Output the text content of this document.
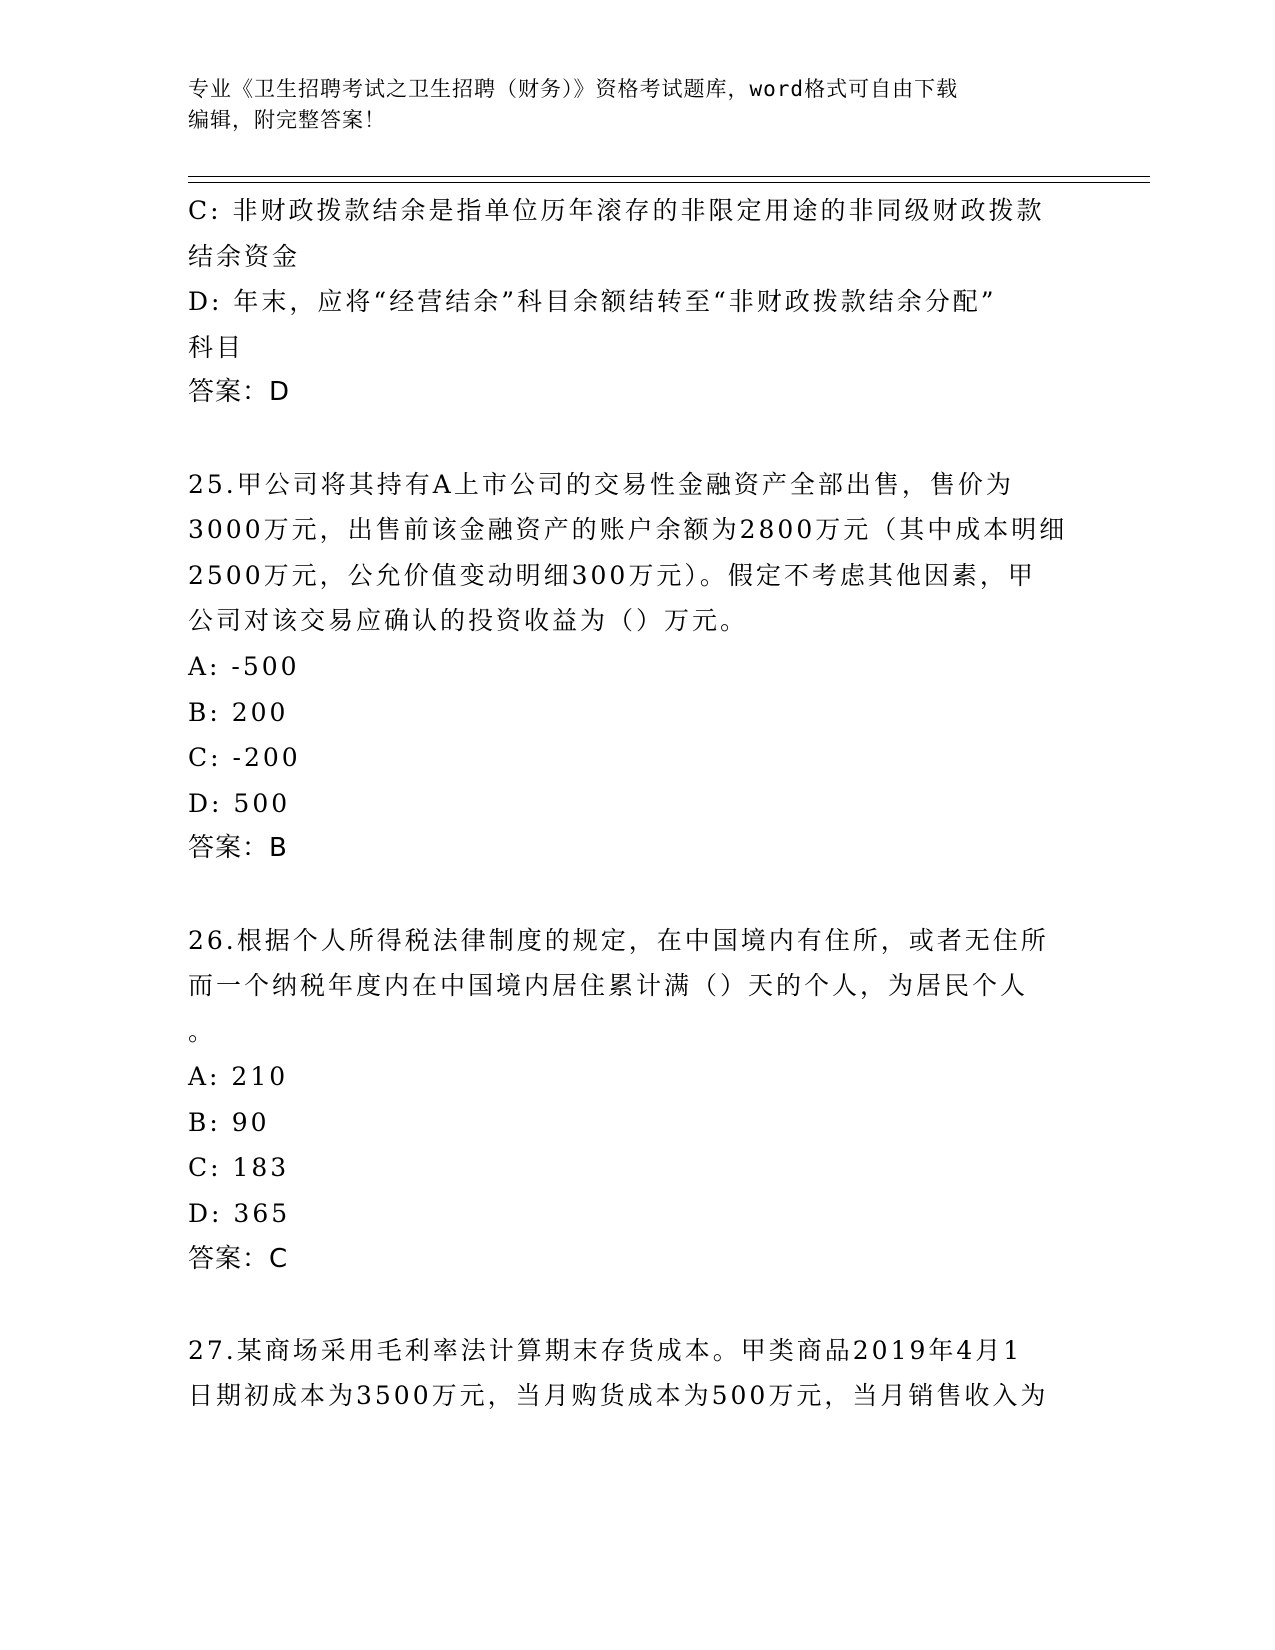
专业《卫生招聘考试之卫生招聘（财务）》资格考试题库，word格式可自由下载
编辑，附完整答案！
C: 非财政拨款结余是指单位历年滚存的非限定用途的非同级财政拨款
结余资金
D: 年末，应将“经营结余”科目余额结转至“非财政拨款结余分配”
科目
答案：D
25.甲公司将其持有A上市公司的交易性金融资产全部出售，售价为
3000万元，出售前该金融资产的账户余额为2800万元（其中成本明细
2500万元，公允价值变动明细300万元）。假定不考虑其他因素，甲
公司对该交易应确认的投资收益为（）万元。
A: -500
B: 200
C: -200
D: 500
答案：B
26.根据个人所得税法律制度的规定，在中国境内有住所，或者无住所
而一个纳税年度内在中国境内居住累计满（）天的个人，为居民个人
。
A: 210
B: 90
C: 183
D: 365
答案：C
27.某商场采用毛利率法计算期末存货成本。甲类商品2019年4月1
日期初成本为3500万元，当月购货成本为500万元，当月销售收入为
